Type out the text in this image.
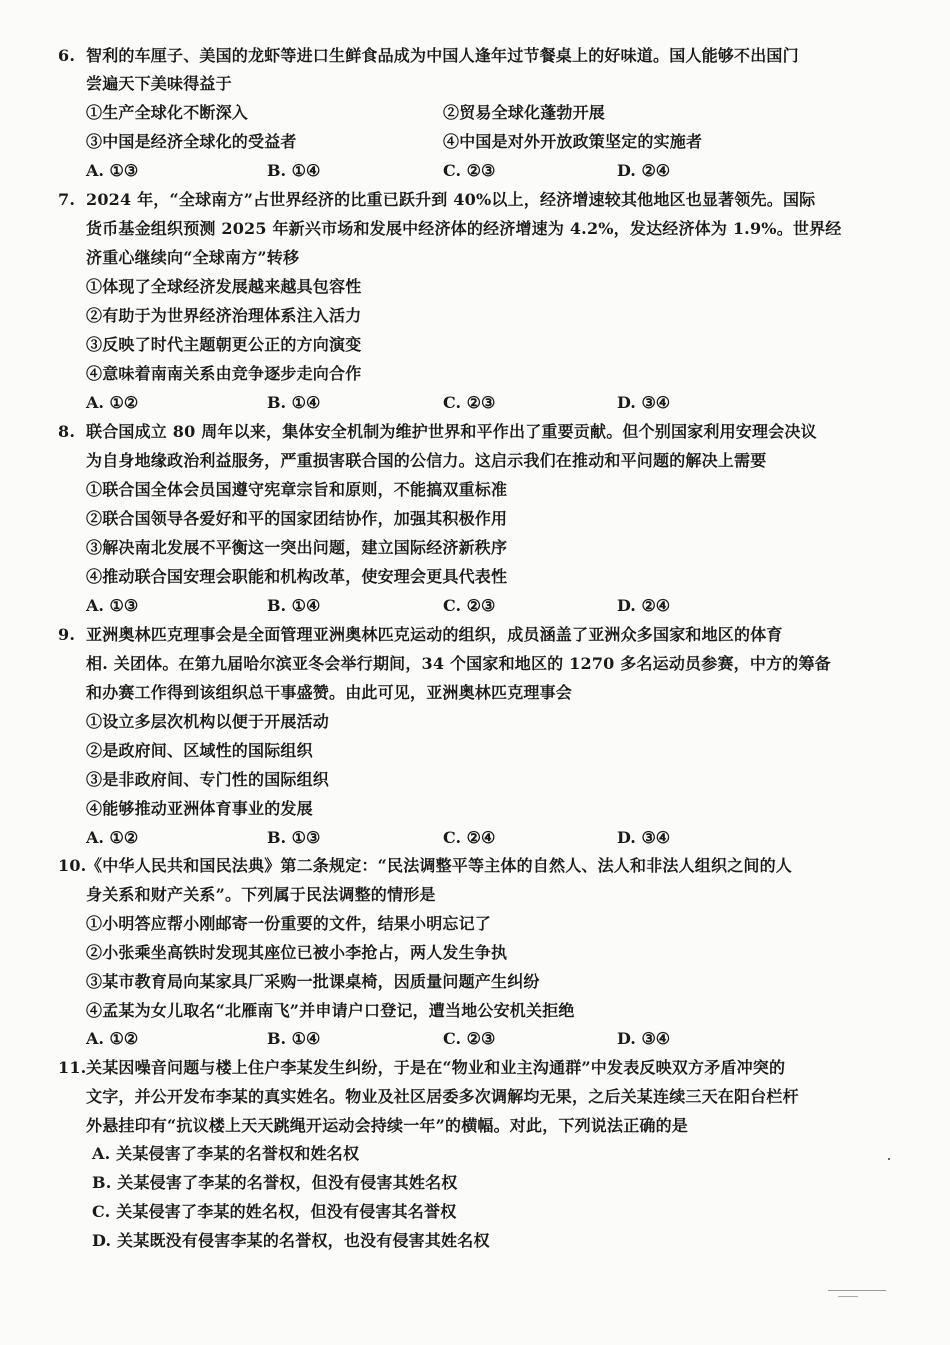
6. 智利的车厘子、美国的龙虾等进口生鲜食品成为中国人逢年过节餐桌上的好味道。国人能够不出国门
尝遍天下美味得益于
①生产全球化不断深入	②贸易全球化蓬勃开展
③中国是经济全球化的受益者	④中国是对外开放政策坚定的实施者
A. ①③	B. ①④	C. ②③	D. ②④
7. 2024 年，“全球南方”占世界经济的比重已跃升到 40%以上，经济增速较其他地区也显著领先。国际
货币基金组织预测 2025 年新兴市场和发展中经济体的经济增速为 4.2%，发达经济体为 1.9%。世界经
济重心继续向“全球南方”转移
①体现了全球经济发展越来越具包容性
②有助于为世界经济治理体系注入活力
③反映了时代主题朝更公正的方向演变
④意味着南南关系由竞争逐步走向合作
A. ①②	B. ①④	C. ②③	D. ③④
8. 联合国成立 80 周年以来，集体安全机制为维护世界和平作出了重要贡献。但个别国家利用安理会决议
为自身地缘政治利益服务，严重损害联合国的公信力。这启示我们在推动和平问题的解决上需要
①联合国全体会员国遵守宪章宗旨和原则，不能搞双重标准
②联合国领导各爱好和平的国家团结协作，加强其积极作用
③解决南北发展不平衡这一突出问题，建立国际经济新秩序
④推动联合国安理会职能和机构改革，使安理会更具代表性
A. ①③	B. ①④	C. ②③	D. ②④
9. 亚洲奥林匹克理事会是全面管理亚洲奥林匹克运动的组织，成员涵盖了亚洲众多国家和地区的体育
相. 关团体。在第九届哈尔滨亚冬会举行期间，34 个国家和地区的 1270 多名运动员参赛，中方的筹备
和办赛工作得到该组织总干事盛赞。由此可见，亚洲奥林匹克理事会
①设立多层次机构以便于开展活动
②是政府间、区域性的国际组织
③是非政府间、专门性的国际组织
④能够推动亚洲体育事业的发展
A. ①②	B. ①③	C. ②④	D. ③④
10. 《中华人民共和国民法典》第二条规定：“民法调整平等主体的自然人、法人和非法人组织之间的人
身关系和财产关系”。下列属于民法调整的情形是
①小明答应帮小刚邮寄一份重要的文件，结果小明忘记了
②小张乘坐高铁时发现其座位已被小李抢占，两人发生争执
③某市教育局向某家具厂采购一批课桌椅，因质量问题产生纠纷
④孟某为女儿取名“北雁南飞”并申请户口登记，遭当地公安机关拒绝
A. ①②	B. ①④	C. ②③	D. ③④
11. 关某因噪音问题与楼上住户李某发生纠纷，于是在“物业和业主沟通群”中发表反映双方矛盾冲突的
文字，并公开发布李某的真实姓名。物业及社区居委多次调解均无果，之后关某连续三天在阳台栏杆
外悬挂印有“抗议楼上天天跳绳开运动会持续一年”的横幅。对此，下列说法正确的是
A. 关某侵害了李某的名誉权和姓名权
B. 关某侵害了李某的名誉权，但没有侵害其姓名权
C. 关某侵害了李某的姓名权，但没有侵害其名誉权
D. 关某既没有侵害李某的名誉权，也没有侵害其姓名权
